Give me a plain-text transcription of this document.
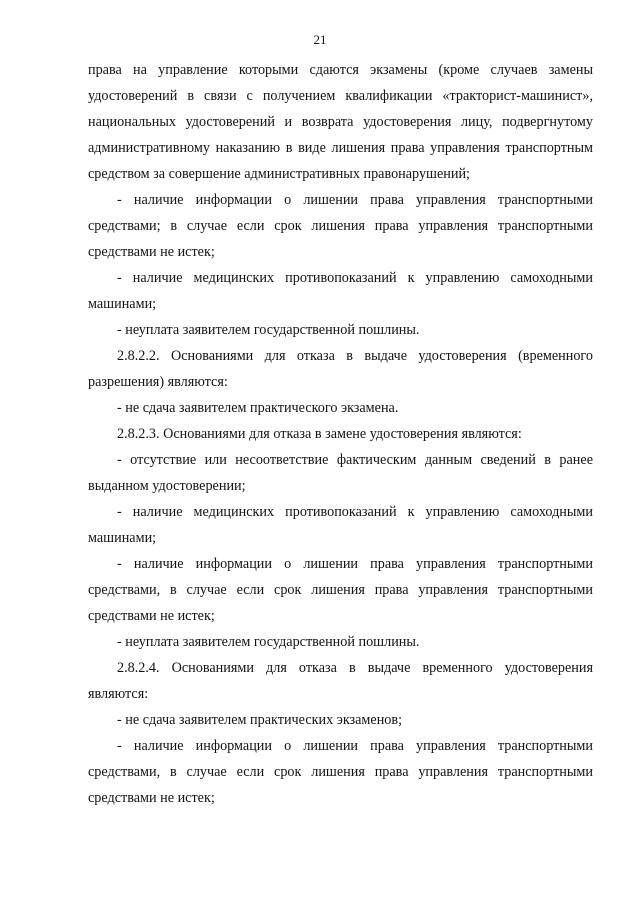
21

права на управление которыми сдаются экзамены (кроме случаев замены удостоверений в связи с получением квалификации «тракторист-машинист», национальных удостоверений и возврата удостоверения лицу, подвергнутому административному наказанию в виде лишения права управления транспортным средством за совершение административных правонарушений;

- наличие информации о лишении права управления транспортными средствами; в случае если срок лишения права управления транспортными средствами не истек;

- наличие медицинских противопоказаний к управлению самоходными машинами;

- неуплата заявителем государственной пошлины.

2.8.2.2. Основаниями для отказа в выдаче удостоверения (временного разрешения) являются:

- не сдача заявителем практического экзамена.

2.8.2.3. Основаниями для отказа в замене удостоверения являются:

- отсутствие или несоответствие фактическим данным сведений в ранее выданном удостоверении;

- наличие медицинских противопоказаний к управлению самоходными машинами;

- наличие информации о лишении права управления транспортными средствами, в случае если срок лишения права управления транспортными средствами не истек;

- неуплата заявителем государственной пошлины.

2.8.2.4. Основаниями для отказа в выдаче временного удостоверения являются:

- не сдача заявителем практических экзаменов;

- наличие информации о лишении права управления транспортными средствами, в случае если срок лишения права управления транспортными средствами не истек;
